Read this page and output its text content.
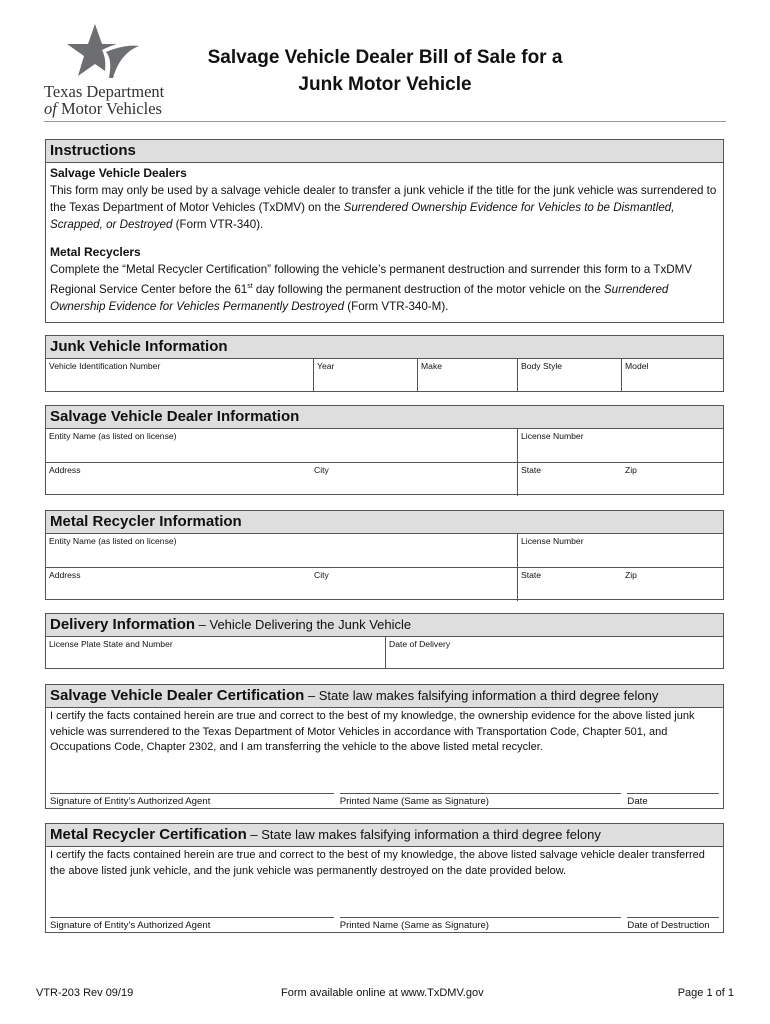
Texas Department
of Motor Vehicles
Salvage Vehicle Dealer Bill of Sale for a
Junk Motor Vehicle
Instructions
Salvage Vehicle Dealers
This form may only be used by a salvage vehicle dealer to transfer a junk vehicle if the title for the junk vehicle was surrendered to the Texas Department of Motor Vehicles (TxDMV) on the Surrendered Ownership Evidence for Vehicles to be Dismantled, Scrapped, or Destroyed (Form VTR-340).
Metal Recyclers
Complete the “Metal Recycler Certification” following the vehicle’s permanent destruction and surrender this form to a TxDMV Regional Service Center before the 61st day following the permanent destruction of the motor vehicle on the Surrendered Ownership Evidence for Vehicles Permanently Destroyed (Form VTR-340-M).
Junk Vehicle Information
Vehicle Identification Number	Year	Make	Body Style	Model
Salvage Vehicle Dealer Information
Entity Name (as listed on license)	License Number
Address	City	State	Zip
Metal Recycler Information
Entity Name (as listed on license)	License Number
Address	City	State	Zip
Delivery Information – Vehicle Delivering the Junk Vehicle
License Plate State and Number	Date of Delivery
Salvage Vehicle Dealer Certification – State law makes falsifying information a third degree felony
I certify the facts contained herein are true and correct to the best of my knowledge, the ownership evidence for the above listed junk vehicle was surrendered to the Texas Department of Motor Vehicles in accordance with Transportation Code, Chapter 501, and Occupations Code, Chapter 2302, and I am transferring the vehicle to the above listed metal recycler.
Signature of Entity’s Authorized Agent	Printed Name (Same as Signature)	Date
Metal Recycler Certification – State law makes falsifying information a third degree felony
I certify the facts contained herein are true and correct to the best of my knowledge, the above listed salvage vehicle dealer transferred the above listed junk vehicle, and the junk vehicle was permanently destroyed on the date provided below.
Signature of Entity’s Authorized Agent	Printed Name (Same as Signature)	Date of Destruction
VTR-203 Rev 09/19	Form available online at www.TxDMV.gov	Page 1 of 1
